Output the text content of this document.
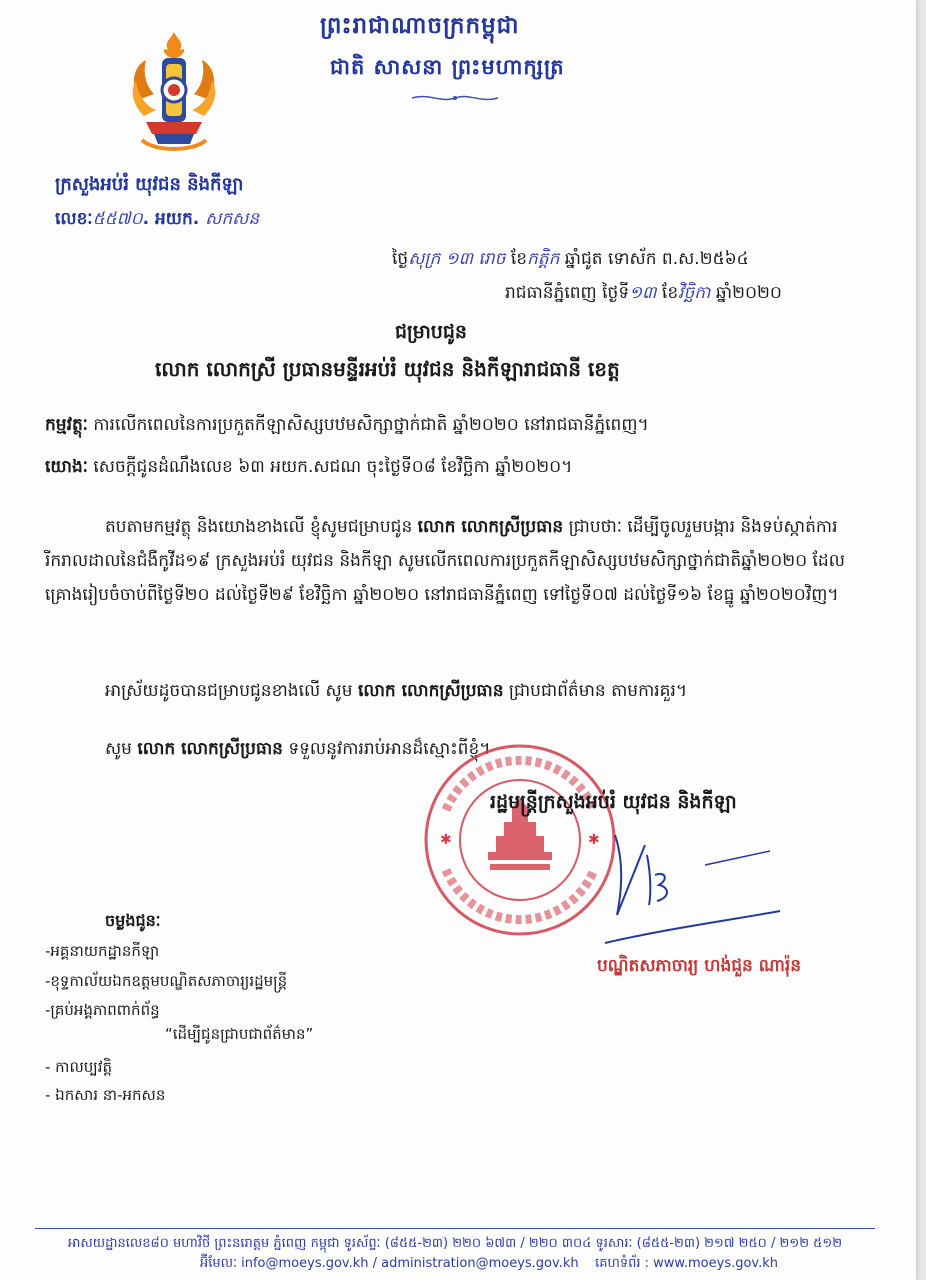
ព្រះរាជាណាចក្រកម្ពុជា
ជាតិ សាសនា ព្រះមហាក្សត្រ
ក្រសួងអប់រំ យុវជន និងកីឡា
លេខៈ៥៥៧០. អយក. សកសន
ថ្ងៃសុក្រ ១៣ រោច ខែកត្តិក ឆ្នាំជូត ទោស័ក ព.ស.២៥៦៤
រាជធានីភ្នំពេញ ថ្ងៃទី១៣ ខែវិច្ឆិកា ឆ្នាំ២០២០
ជម្រាបជូន
លោក លោកស្រី ប្រធានមន្ទីរអប់រំ យុវជន និងកីឡារាជធានី ខេត្ត
កម្មវត្ថុៈ ការលើកពេលនៃការប្រកួតកីឡាសិស្សបឋមសិក្សាថ្នាក់ជាតិ ឆ្នាំ២០២០ នៅរាជធានីភ្នំពេញ។
យោងៈ សេចក្តីជូនដំណឹងលេខ ៦៣ អយក.សជណ ចុះថ្ងៃទី០៨ ខែវិច្ឆិកា ឆ្នាំ២០២០។
តបតាមកម្មវត្ថុ និងយោងខាងលើ ខ្ញុំសូមជម្រាបជូន លោក លោកស្រីប្រធាន ជ្រាបថាៈ ដើម្បីចូលរួមបង្ការ និងទប់ស្កាត់ការរីករាលដាលនៃជំងឺកូវីដ១៩ ក្រសួងអប់រំ យុវជន និងកីឡា សូមលើកពេលការប្រកួតកីឡាសិស្សបឋមសិក្សាថ្នាក់ជាតិឆ្នាំ២០២០ ដែលគ្រោងរៀបចំចាប់ពីថ្ងៃទី២០ ដល់ថ្ងៃទី២៩ ខែវិច្ឆិកា ឆ្នាំ២០២០ នៅរាជធានីភ្នំពេញ ទៅថ្ងៃទី០៧ ដល់ថ្ងៃទី១៦ ខែធ្នូ ឆ្នាំ២០២០វិញ។
អាស្រ័យដូចបានជម្រាបជូនខាងលើ សូម លោក លោកស្រីប្រធាន ជ្រាបជាព័ត៌មាន តាមការគួរ។
សូម លោក លោកស្រីប្រធាន ទទួលនូវការរាប់អានដ៏ស្មោះពីខ្ញុំ។
✱	✱
រដ្ឋមន្ត្រីក្រសួងអប់រំ យុវជន និងកីឡា
បណ្ឌិតសភាចារ្យ ហង់ជួន ណារ៉ុន
ចម្លងជូនៈ
-អគ្គនាយកដ្ឋានកីឡា
-ខុទ្ទកាល័យឯកឧត្តមបណ្ឌិតសភាចារ្យរដ្ឋមន្ត្រី
-គ្រប់អង្គភាពពាក់ព័ន្ធ
“ដើម្បីជូនជ្រាបជាព័ត៌មាន”
- កាលប្បវត្តិ
- ឯកសារ នា-អកសន
អាសយដ្ឋានលេខ៨០ មហាវិថី ព្រះនរោត្តម ភ្នំពេញ កម្ពុជា ទូរស័ព្ទៈ (៨៥៥-២៣) ២២០ ៦៧៣ / ២២០ ៣០៤ ទូរសារៈ (៨៥៥-២៣) ២១៧ ២៥០ / ២១២ ៥១២
អ៊ីមែលៈ info@moeys.gov.kh / administration@moeys.gov.kh គេហទំព័រ : www.moeys.gov.kh
